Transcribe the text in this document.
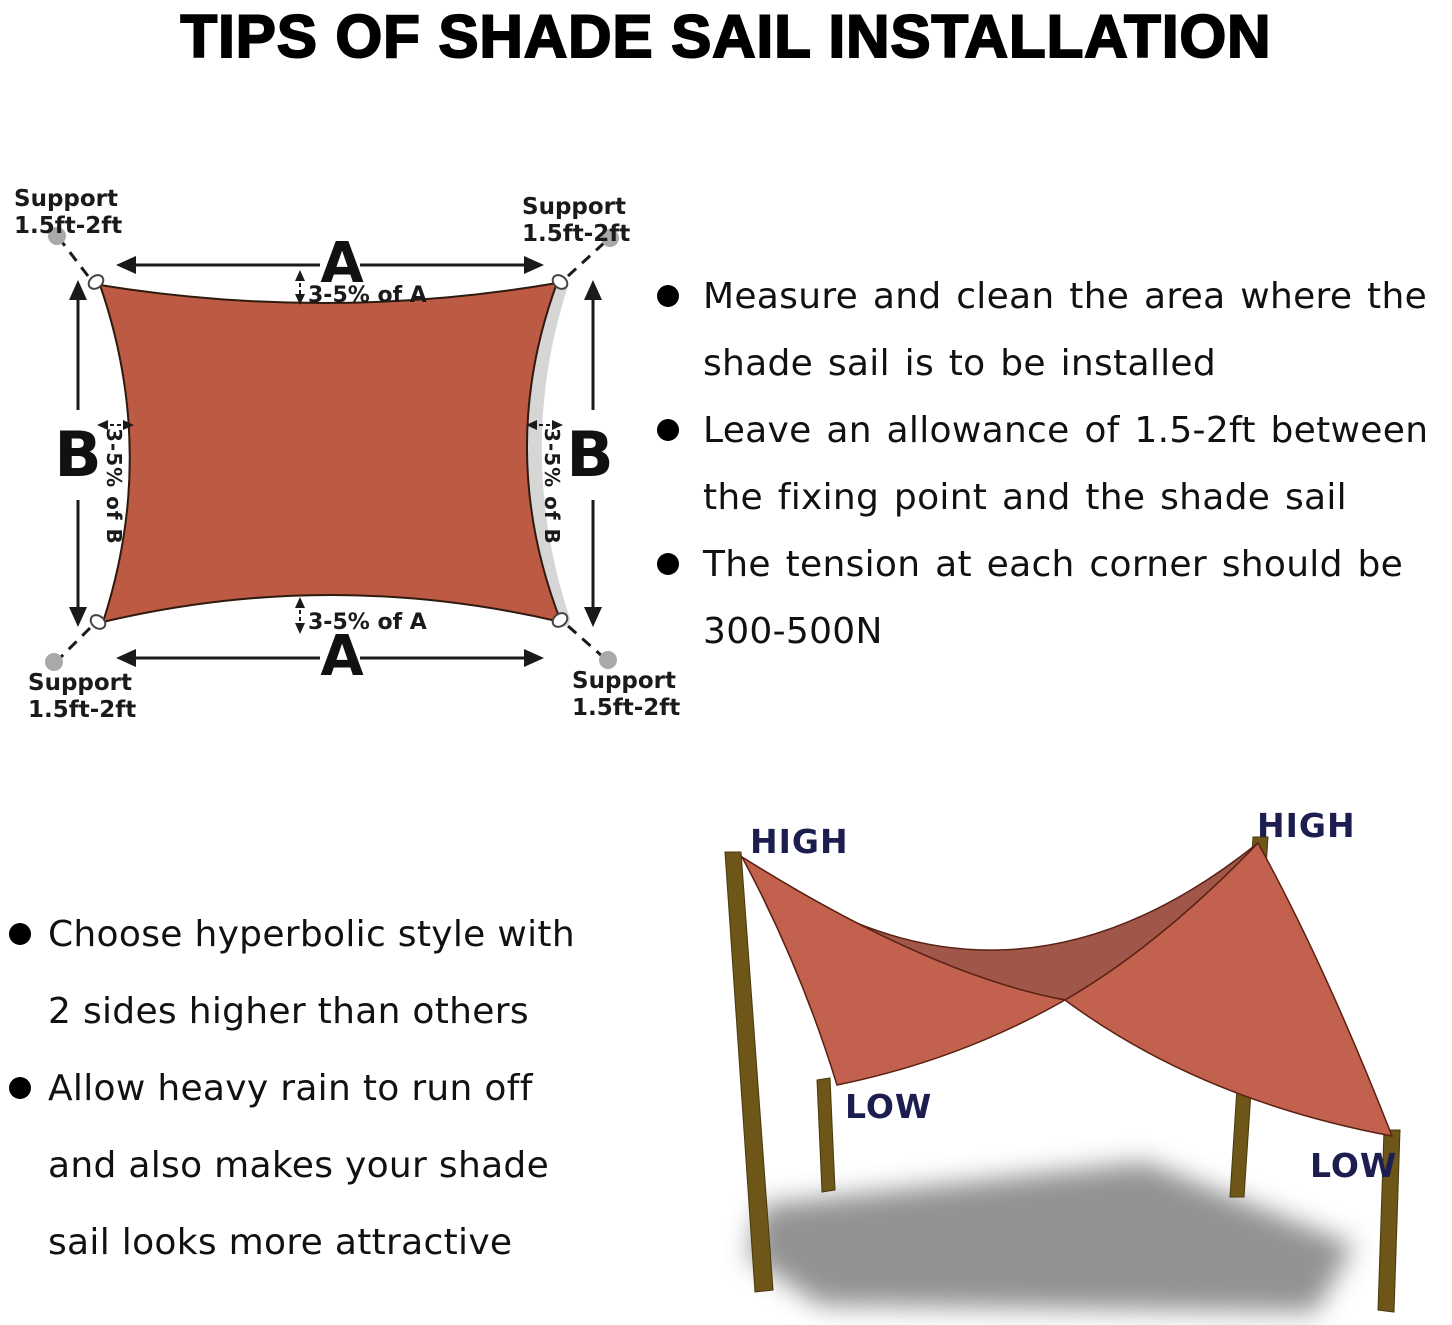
TIPS OF SHADE SAIL INSTALLATION
Support
1.5ft-2ft
Support
1.5ft-2ft
Support
1.5ft-2ft
Support
1.5ft-2ft
A
A
B	B
3-5% of A
3-5% of A
3-5% of B	3-5% of B
Measure and clean the area where the
shade sail is to be installed
Leave an allowance of 1.5-2ft between
the fixing point and the shade sail
The tension at each corner should be
300-500N
Choose hyperbolic style with
2 sides higher than others
Allow heavy rain to run off
and also makes your shade
sail looks more attractive
HIGH	HIGH
LOW
LOW
